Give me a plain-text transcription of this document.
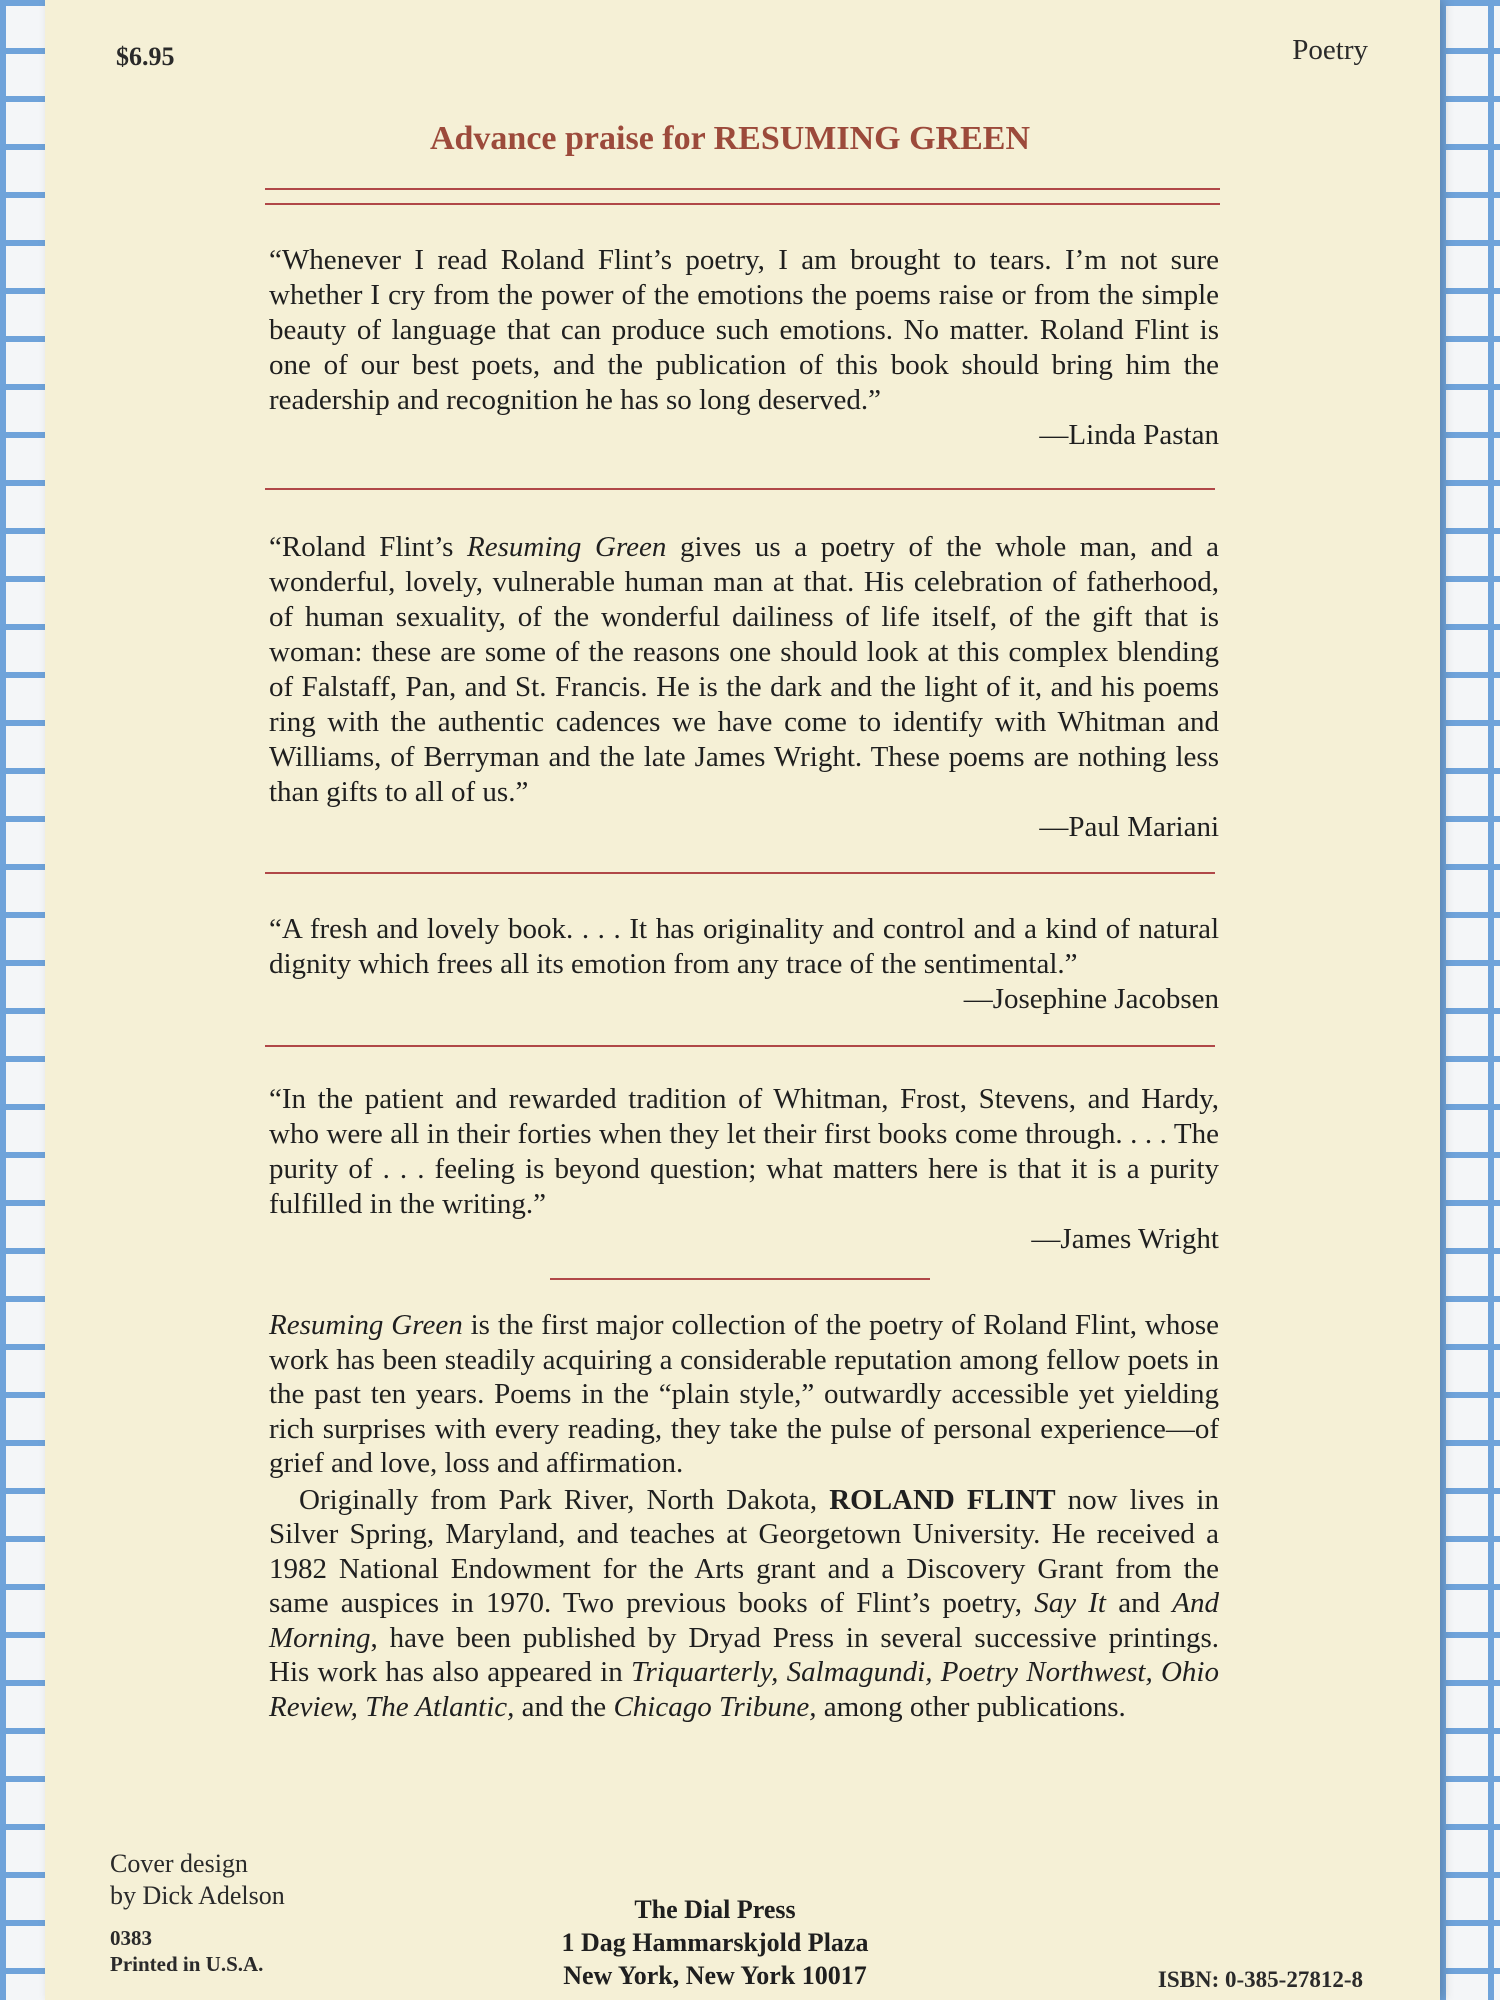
$6.95	Poetry
Advance praise for RESUMING GREEN
“Whenever I read Roland Flint’s poetry, I am brought to tears. I’m not sure whether I cry from the power of the emotions the poems raise or from the simple beauty of language that can produce such emotions. No matter. Roland Flint is one of our best poets, and the publication of this book should bring him the readership and recognition he has so long deserved.”
—Linda Pastan
“Roland Flint’s Resuming Green gives us a poetry of the whole man, and a wonderful, lovely, vulnerable human man at that. His celebration of fatherhood, of human sexuality, of the wonderful dailiness of life itself, of the gift that is woman: these are some of the reasons one should look at this complex blending of Falstaff, Pan, and St. Francis. He is the dark and the light of it, and his poems ring with the authentic cadences we have come to identify with Whitman and Williams, of Berryman and the late James Wright. These poems are nothing less than gifts to all of us.”
—Paul Mariani
“A fresh and lovely book. . . . It has originality and control and a kind of natural dignity which frees all its emotion from any trace of the sentimental.”
—Josephine Jacobsen
“In the patient and rewarded tradition of Whitman, Frost, Stevens, and Hardy, who were all in their forties when they let their first books come through. . . . The purity of . . . feeling is beyond question; what matters here is that it is a purity fulfilled in the writing.”
—James Wright

Resuming Green is the first major collection of the poetry of Roland Flint, whose work has been steadily acquiring a considerable reputation among fellow poets in the past ten years. Poems in the “plain style,” outwardly accessible yet yielding rich surprises with every reading, they take the pulse of personal experience—of grief and love, loss and affirmation.

Originally from Park River, North Dakota, ROLAND FLINT now lives in Silver Spring, Maryland, and teaches at Georgetown University. He received a 1982 National Endowment for the Arts grant and a Discovery Grant from the same auspices in 1970. Two previous books of Flint’s poetry, Say It and And Morning, have been published by Dryad Press in several successive printings. His work has also appeared in Triquarterly, Salmagundi, Poetry Northwest, Ohio Review, The Atlantic, and the Chicago Tribune, among other publications.

Cover design
by Dick Adelson
0383
Printed in U.S.A.
The Dial Press
1 Dag Hammarskjold Plaza
New York, New York 10017	ISBN: 0-385-27812-8
